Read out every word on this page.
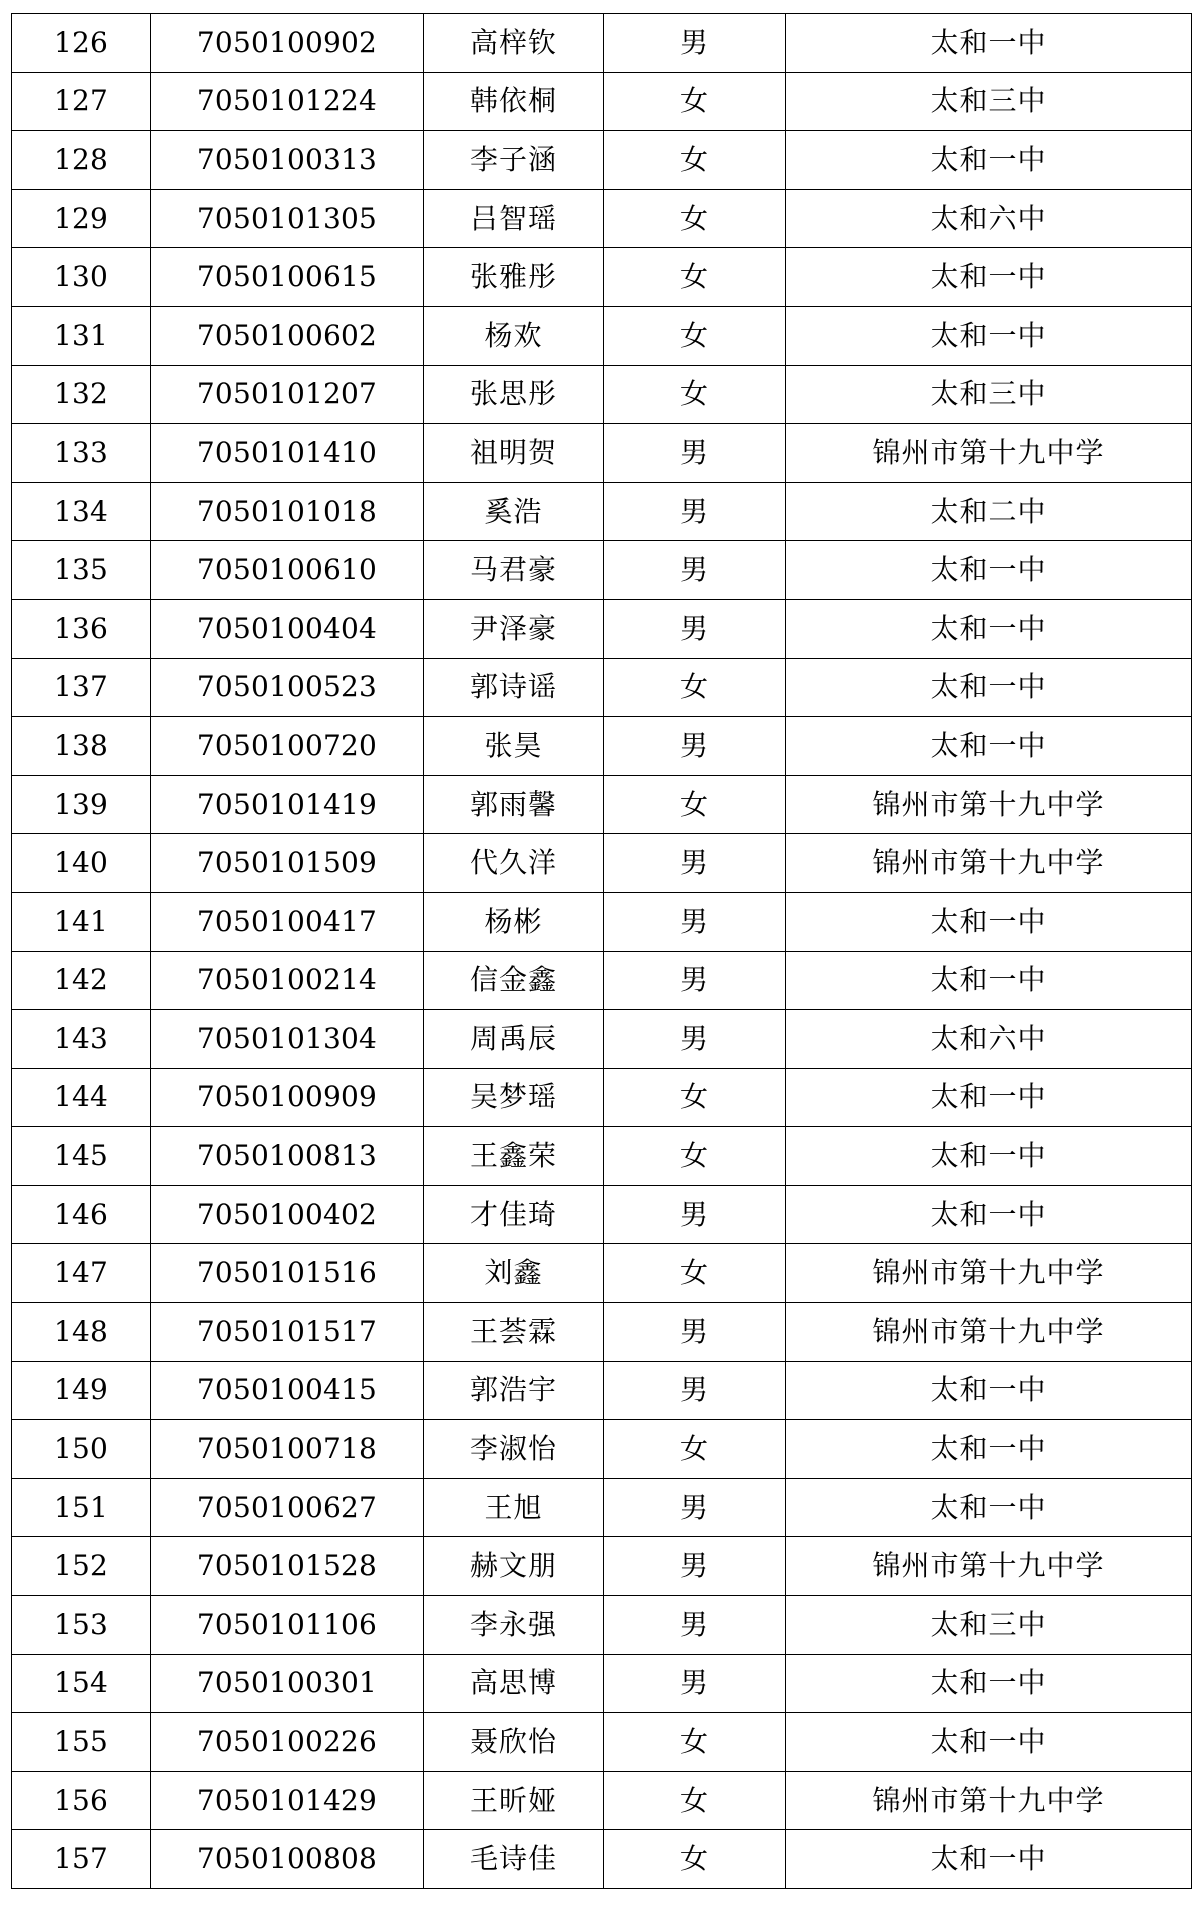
126	7050100902	高梓钦	男	太和一中
127	7050101224	韩依桐	女	太和三中
128	7050100313	李子涵	女	太和一中
129	7050101305	吕智瑶	女	太和六中
130	7050100615	张雅彤	女	太和一中
131	7050100602	杨欢	女	太和一中
132	7050101207	张思彤	女	太和三中
133	7050101410	祖明贺	男	锦州市第十九中学
134	7050101018	奚浩	男	太和二中
135	7050100610	马君豪	男	太和一中
136	7050100404	尹泽豪	男	太和一中
137	7050100523	郭诗谣	女	太和一中
138	7050100720	张昊	男	太和一中
139	7050101419	郭雨馨	女	锦州市第十九中学
140	7050101509	代久洋	男	锦州市第十九中学
141	7050100417	杨彬	男	太和一中
142	7050100214	信金鑫	男	太和一中
143	7050101304	周禹辰	男	太和六中
144	7050100909	吴梦瑶	女	太和一中
145	7050100813	王鑫荣	女	太和一中
146	7050100402	才佳琦	男	太和一中
147	7050101516	刘鑫	女	锦州市第十九中学
148	7050101517	王荟霖	男	锦州市第十九中学
149	7050100415	郭浩宇	男	太和一中
150	7050100718	李淑怡	女	太和一中
151	7050100627	王旭	男	太和一中
152	7050101528	赫文朋	男	锦州市第十九中学
153	7050101106	李永强	男	太和三中
154	7050100301	高思博	男	太和一中
155	7050100226	聂欣怡	女	太和一中
156	7050101429	王昕娅	女	锦州市第十九中学
157	7050100808	毛诗佳	女	太和一中
